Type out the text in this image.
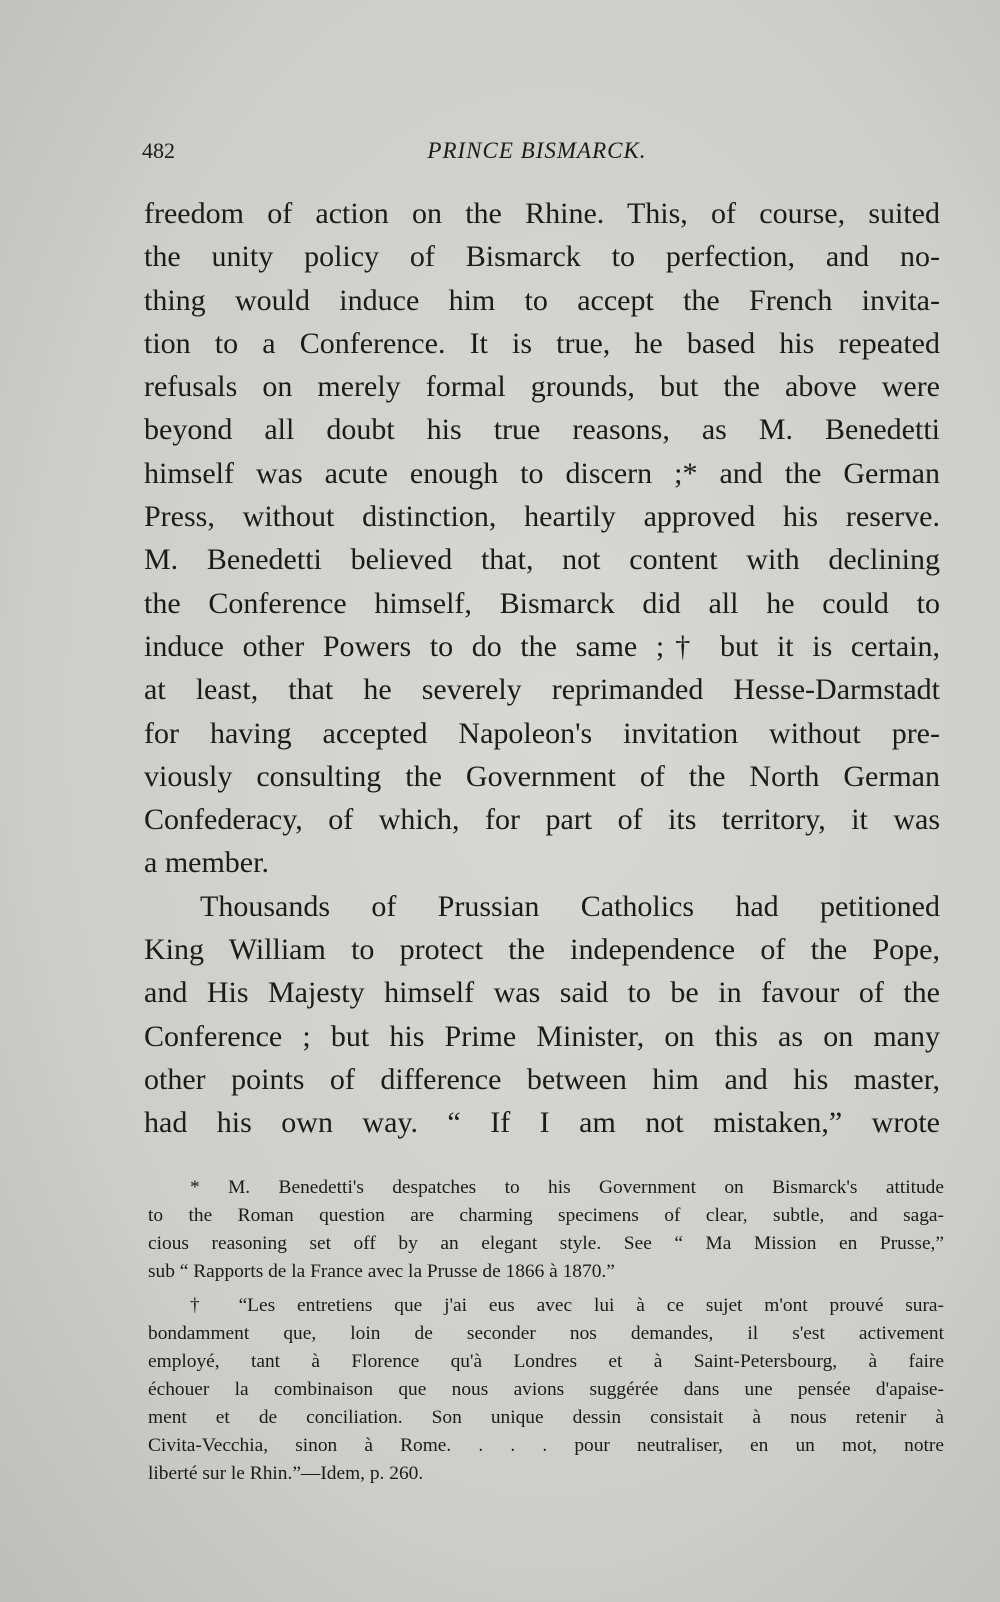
482	PRINCE BISMARCK.
freedom of action on the Rhine. This, of course, suited
the unity policy of Bismarck to perfection, and no-
thing would induce him to accept the French invita-
tion to a Conference. It is true, he based his repeated
refusals on merely formal grounds, but the above were
beyond all doubt his true reasons, as M. Benedetti
himself was acute enough to discern ;* and the German
Press, without distinction, heartily approved his reserve.
M. Benedetti believed that, not content with declining
the Conference himself, Bismarck did all he could to
induce other Powers to do the same ;† but it is certain,
at least, that he severely reprimanded Hesse-Darmstadt
for having accepted Napoleon's invitation without pre-
viously consulting the Government of the North German
Confederacy, of which, for part of its territory, it was
a member.
Thousands of Prussian Catholics had petitioned
King William to protect the independence of the Pope,
and His Majesty himself was said to be in favour of the
Conference ; but his Prime Minister, on this as on many
other points of difference between him and his master,
had his own way. “ If I am not mistaken,” wrote
* M. Benedetti's despatches to his Government on Bismarck's attitude
to the Roman question are charming specimens of clear, subtle, and saga-
cious reasoning set off by an elegant style. See “ Ma Mission en Prusse,”
sub “ Rapports de la France avec la Prusse de 1866 à 1870.”
† “Les entretiens que j'ai eus avec lui à ce sujet m'ont prouvé sura-
bondamment que, loin de seconder nos demandes, il s'est activement
employé, tant à Florence qu'à Londres et à Saint-Petersbourg, à faire
échouer la combinaison que nous avions suggérée dans une pensée d'apaise-
ment et de conciliation. Son unique dessin consistait à nous retenir à
Civita-Vecchia, sinon à Rome. . . . pour neutraliser, en un mot, notre
liberté sur le Rhin.”—Idem, p. 260.
